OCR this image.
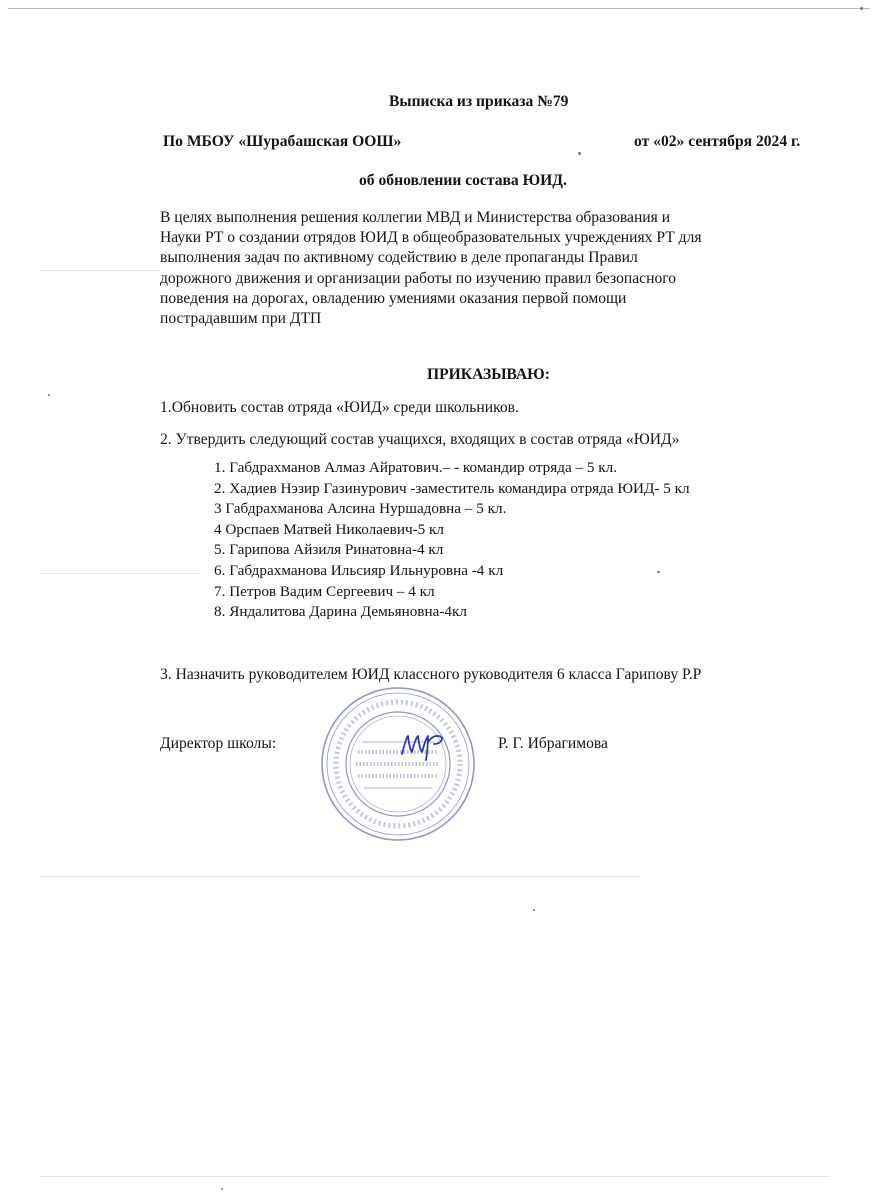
Выписка из приказа №79
По МБОУ «Шурабашская ООШ»	от «02» сентября 2024 г.
об обновлении состава ЮИД.
В целях выполнения решения коллегии МВД и Министерства образования и
Науки РТ о создании отрядов ЮИД в общеобразовательных учреждениях РТ для
выполнения задач по активному содействию в деле пропаганды Правил
дорожного движения и организации работы по изучению правил безопасного
поведения на дорогах, овладению умениями оказания первой помощи
пострадавшим при ДТП
ПРИКАЗЫВАЮ:
1.Обновить состав отряда «ЮИД» среди школьников.
2. Утвердить следующий состав учащихся, входящих в состав отряда «ЮИД»
1. Габдрахманов Алмаз Айратович.– - командир отряда – 5 кл.
2. Хадиев Нэзир Газинурович -заместитель командира отряда ЮИД- 5 кл
3 Габдрахманова Алсина Нуршадовна – 5 кл.
4 Орспаев Матвей Николаевич-5 кл
5. Гарипова Айзиля Ринатовна-4 кл
6. Габдрахманова Ильсияр Ильнуровна -4 кл
7. Петров Вадим Сергеевич – 4 кл
8. Яндалитова Дарина Демьяновна-4кл
3. Назначить руководителем ЮИД классного руководителя 6 класса Гарипову Р.Р
Директор школы:	Р. Г. Ибрагимова
